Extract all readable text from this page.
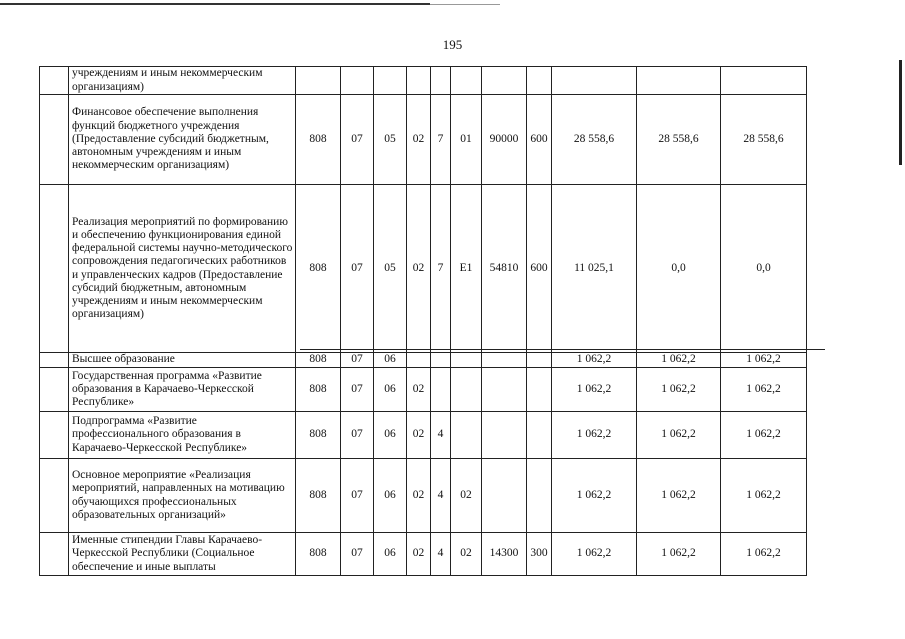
195
	учреждениям и иным некоммерческим организациям)											
	Финансовое обеспечение выполнения функций бюджетного учреждения (Предоставление субсидий бюджетным, автономным учреждениям и иным некоммерческим организациям)	808	07	05	02	7	01	90000	600	28 558,6	28 558,6	28 558,6
	Реализация мероприятий по формированию и обеспечению функционирования единой федеральной системы научно-методического сопровождения педагогических работников и управленческих кадров (Предоставление субсидий бюджетным, автономным учреждениям и иным некоммерческим организациям)	808	07	05	02	7	E1	54810	600	11 025,1	0,0	0,0
	Высшее образование	808	07	06						1 062,2	1 062,2	1 062,2
	Государственная программа «Развитие образования в Карачаево-Черкесской Республике»	808	07	06	02					1 062,2	1 062,2	1 062,2
	Подпрограмма «Развитие профессионального образования в Карачаево-Черкесской Республике»	808	07	06	02	4				1 062,2	1 062,2	1 062,2
	Основное мероприятие «Реализация мероприятий, направленных на мотивацию обучающихся профессиональных образовательных организаций»	808	07	06	02	4	02			1 062,2	1 062,2	1 062,2
	Именные стипендии Главы Карачаево-Черкесской Республики (Социальное обеспечение и иные выплаты	808	07	06	02	4	02	14300	300	1 062,2	1 062,2	1 062,2
